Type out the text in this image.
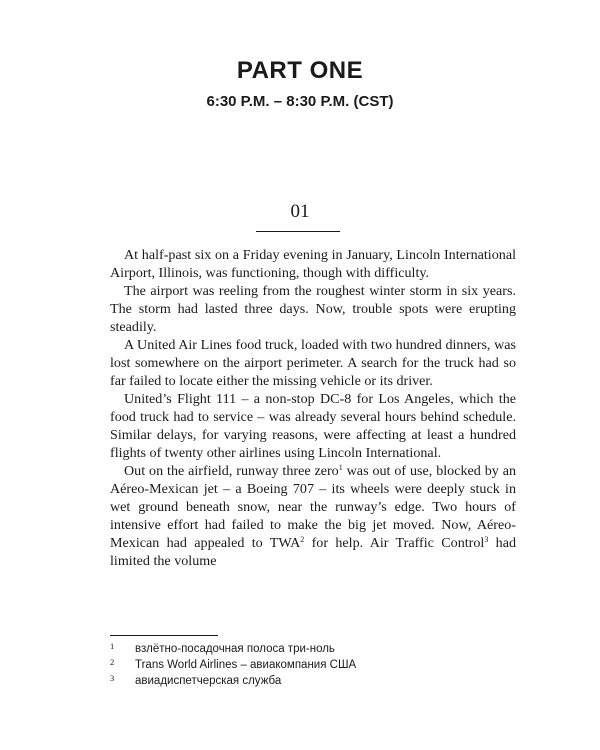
PART ONE
6:30 P.M. – 8:30 P.M. (CST)
01

At half-past six on a Friday evening in January, Lincoln International Airport, Illinois, was functioning, though with difficulty.

The airport was reeling from the roughest winter storm in six years. The storm had lasted three days. Now, trouble spots were erupting steadily.

A United Air Lines food truck, loaded with two hundred dinners, was lost somewhere on the airport perimeter. A search for the truck had so far failed to locate either the missing vehicle or its driver.

United’s Flight 111 – a non-stop DC-8 for Los Angeles, which the food truck had to service – was already several hours behind schedule. Similar delays, for varying reasons, were affecting at least a hundred flights of twenty other airlines using Lincoln International.

Out on the airfield, runway three zero$^1$ was out of use, blocked by an Aéreo-Mexican jet – a Boeing 707 – its wheels were deeply stuck in wet ground beneath snow, near the runway’s edge. Two hours of intensive effort had failed to make the big jet moved. Now, Aéreo-Mexican had appealed to TWA$^2$ for help. Air Traffic Control$^3$ had limited the volume

1 взлётно-посадочная полоса три-ноль
2 Trans World Airlines – авиакомпания США
3 авиадиспетчерская служба
